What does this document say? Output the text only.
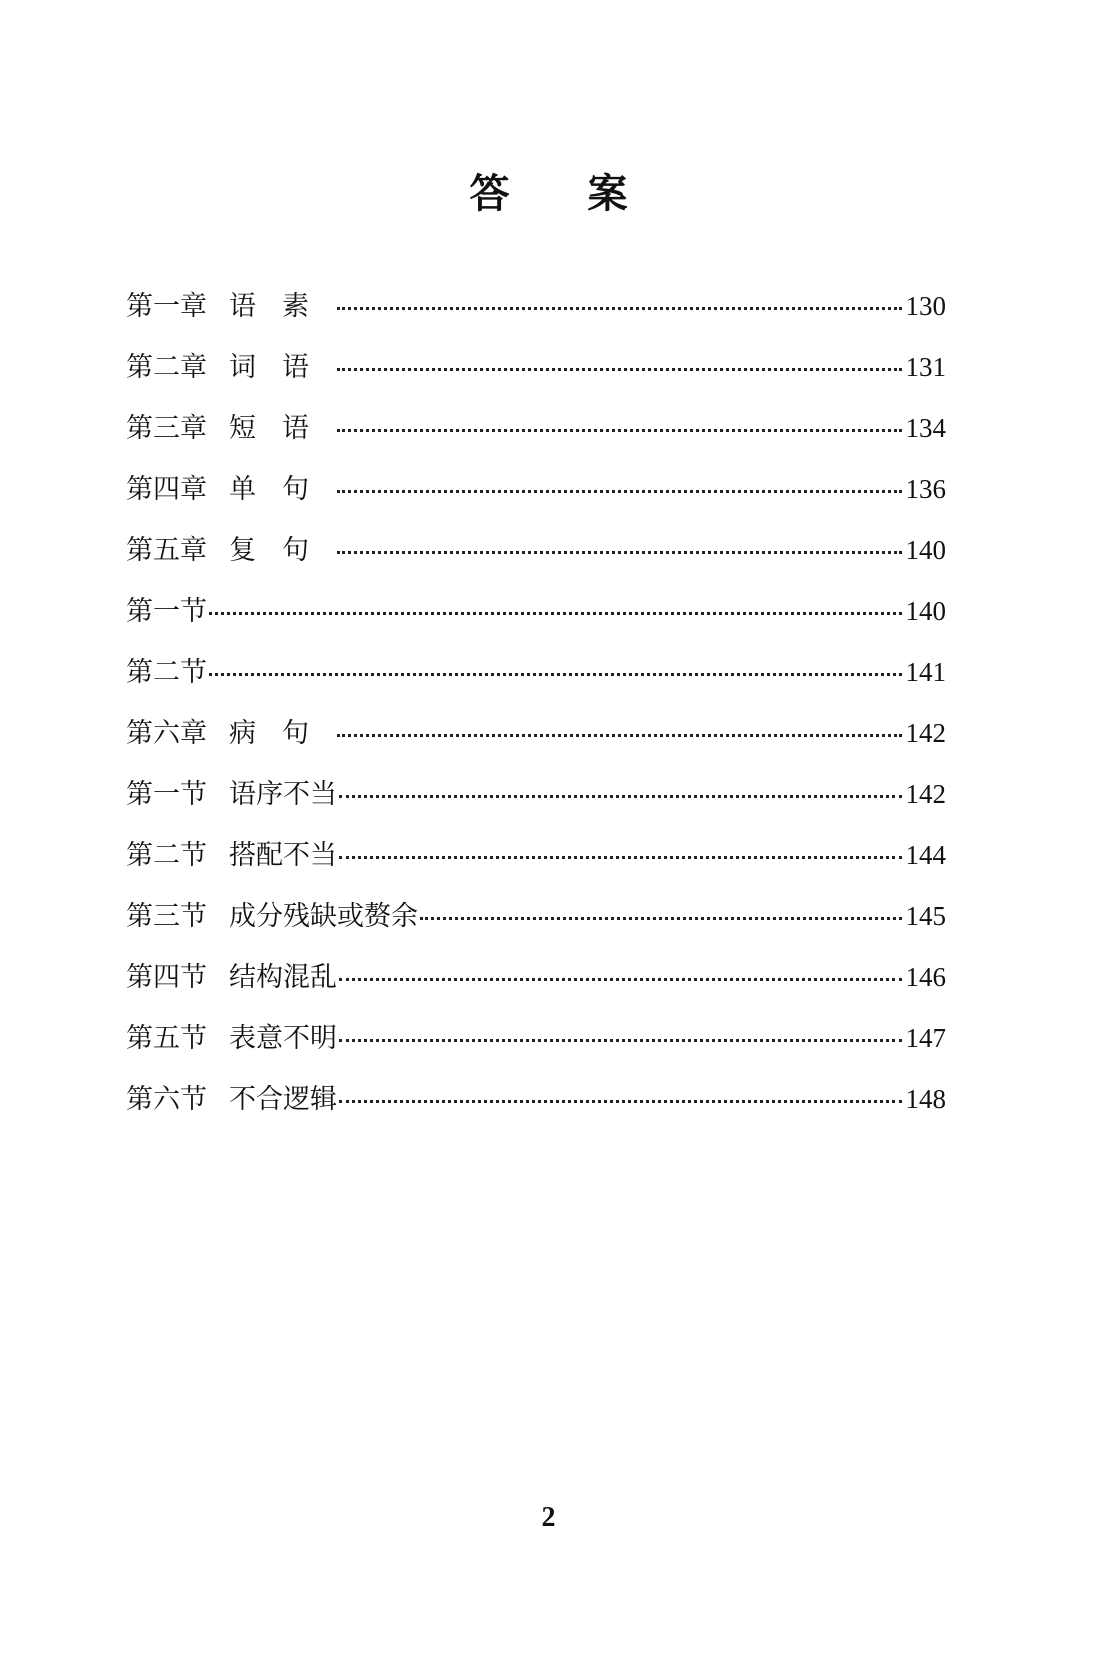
答 案
第一章 语素	130
第二章 词语	131
第三章 短语	134
第四章 单句	136
第五章 复句	140
第一节	140
第二节	141
第六章 病句	142
第一节 语序不当	142
第二节 搭配不当	144
第三节 成分残缺或赘余	145
第四节 结构混乱	146
第五节 表意不明	147
第六节 不合逻辑	148
2
